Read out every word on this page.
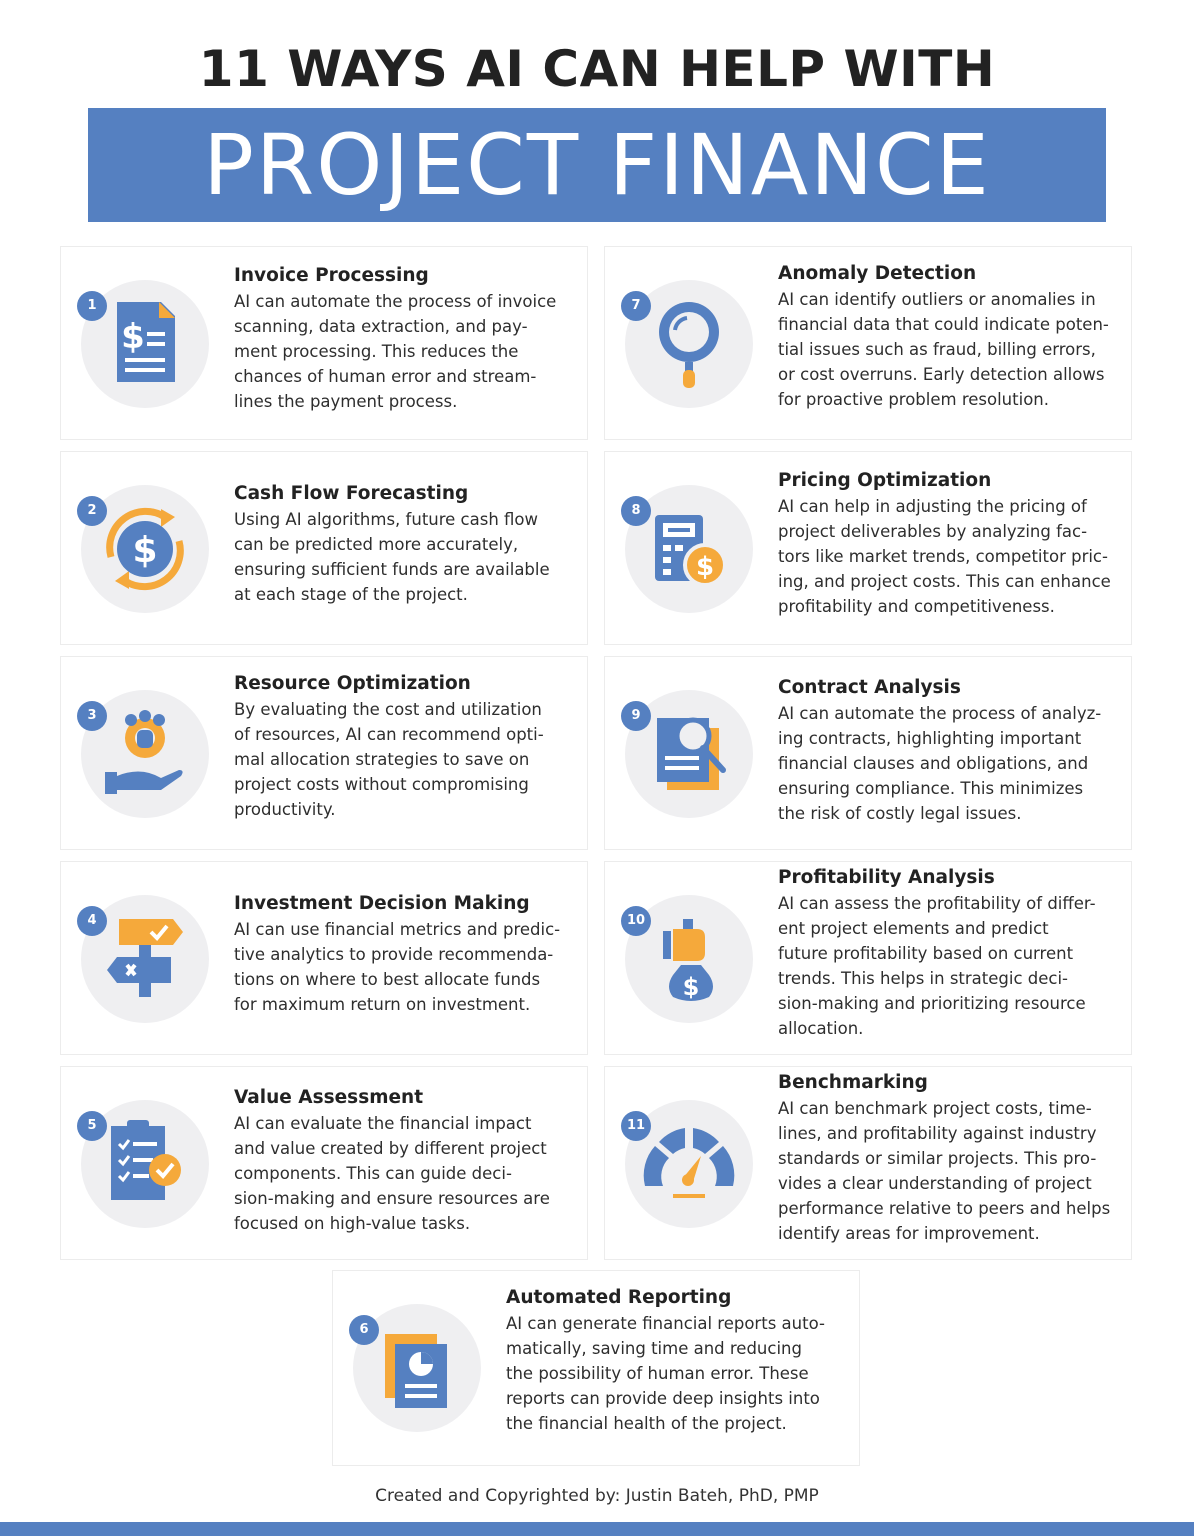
11 WAYS AI CAN HELP WITH
PROJECT FINANCE
$
1
Invoice Processing
AI can automate the process of invoice
scanning, data extraction, and pay-
ment processing. This reduces the
chances of human error and stream-
lines the payment process.
$
2
Cash Flow Forecasting
Using AI algorithms, future cash flow
can be predicted more accurately,
ensuring sufficient funds are available
at each stage of the project.
3
Resource Optimization
By evaluating the cost and utilization
of resources, AI can recommend opti-
mal allocation strategies to save on
project costs without compromising
productivity.
4
Investment Decision Making
AI can use financial metrics and predic-
tive analytics to provide recommenda-
tions on where to best allocate funds
for maximum return on investment.
5
Value Assessment
AI can evaluate the financial impact
and value created by different project
components. This can guide deci-
sion-making and ensure resources are
focused on high-value tasks.
7
Anomaly Detection
AI can identify outliers or anomalies in
financial data that could indicate poten-
tial issues such as fraud, billing errors,
or cost overruns. Early detection allows
for proactive problem resolution.
$
8
Pricing Optimization
AI can help in adjusting the pricing of
project deliverables by analyzing fac-
tors like market trends, competitor pric-
ing, and project costs. This can enhance
profitability and competitiveness.
9
Contract Analysis
AI can automate the process of analyz-
ing contracts, highlighting important
financial clauses and obligations, and
ensuring compliance. This minimizes
the risk of costly legal issues.
$
10
Profitability Analysis
AI can assess the profitability of differ-
ent project elements and predict
future profitability based on current
trends. This helps in strategic deci-
sion-making and prioritizing resource
allocation.
11
Benchmarking
AI can benchmark project costs, time-
lines, and profitability against industry
standards or similar projects. This pro-
vides a clear understanding of project
performance relative to peers and helps
identify areas for improvement.
6
Automated Reporting
AI can generate financial reports auto-
matically, saving time and reducing
the possibility of human error. These
reports can provide deep insights into
the financial health of the project.
Created and Copyrighted by: Justin Bateh, PhD, PMP
